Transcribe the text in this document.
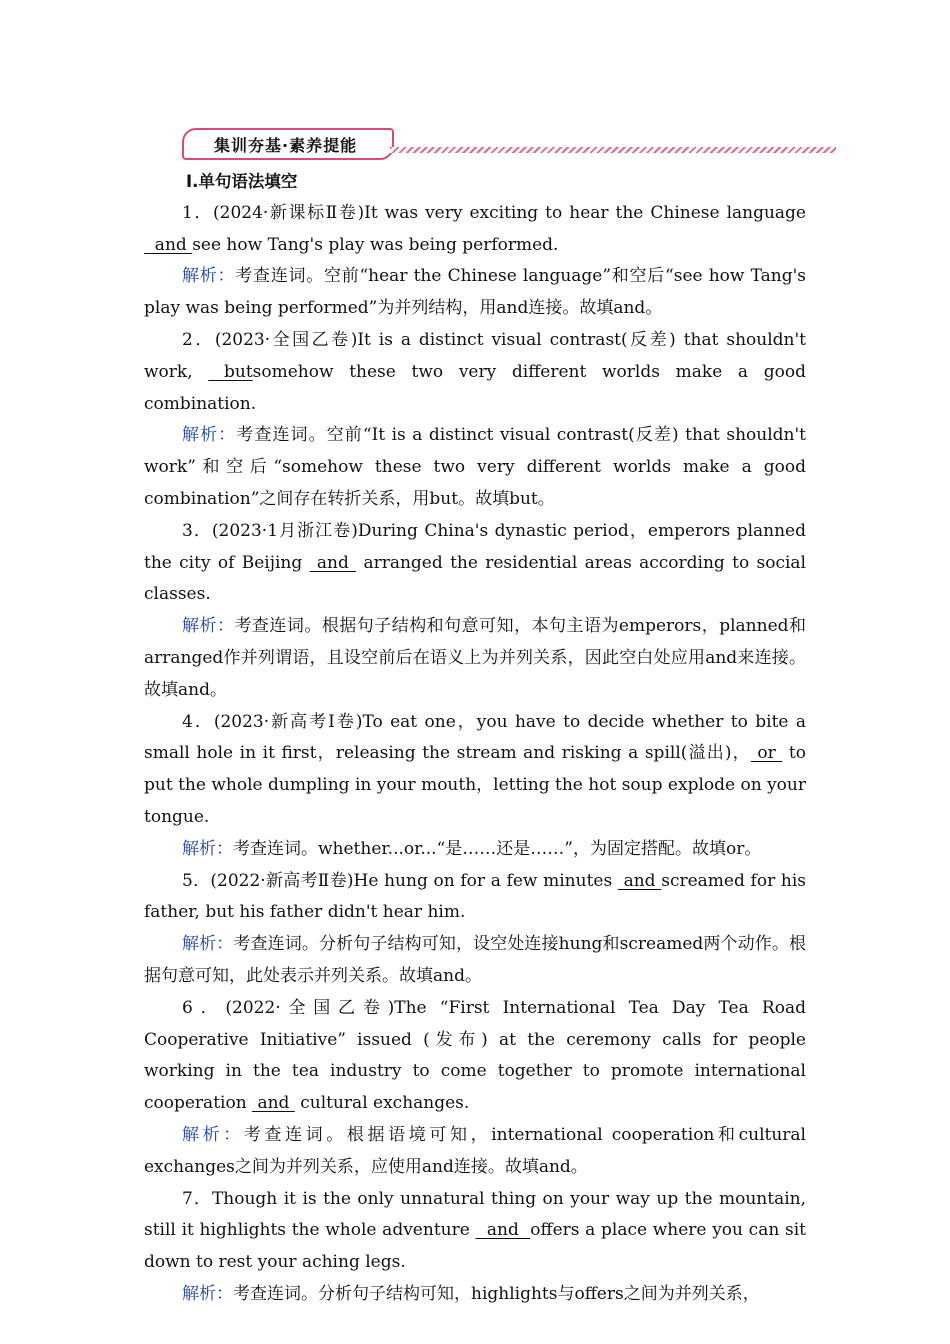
集训夯基·素养提能

Ⅰ.单句语法填空

1．(2024·新课标Ⅱ卷)It was very exciting to hear the Chinese language   and see how Tang's play was being performed.

解析：考查连词。空前“hear the Chinese language”和空后“see how Tang's play was being performed”为并列结构，用and连接。故填and。

2．(2023·全国乙卷)It is a distinct visual contrast(反差) that shouldn't work,  butsomehow these two very different worlds make a good combination.

解析：考查连词。空前“It is a distinct visual contrast(反差) that shouldn't work”和空后“somehow these two very different worlds make a good combination”之间存在转折关系，用but。故填but。

3．(2023·1月浙江卷)During China's dynastic period，emperors planned the city of Beijing  and  arranged the residential areas according to social classes.

解析：考查连词。根据句子结构和句意可知，本句主语为emperors，planned和arranged作并列谓语，且设空前后在语义上为并列关系，因此空白处应用and来连接。故填and。

4．(2023·新高考Ⅰ卷)To eat one，you have to decide whether to bite a small hole in it first，releasing the stream and risking a spill(溢出)， or  to put the whole dumpling in your mouth，letting the hot soup explode on your tongue.

解析：考查连词。whether...or...“是……还是……”，为固定搭配。故填or。

5．(2022·新高考Ⅱ卷)He hung on for a few minutes  and screamed for his father, but his father didn't hear him.

解析：考查连词。分析句子结构可知，设空处连接hung和screamed两个动作。根据句意可知，此处表示并列关系。故填and。

6．(2022·全国乙卷)The “First International Tea Day Tea Road Cooperative Initiative” issued (发布) at the ceremony calls for people working in the tea industry to come together to promote international cooperation  and  cultural exchanges.

解析：考查连词。根据语境可知，international cooperation和cultural exchanges之间为并列关系，应使用and连接。故填and。

7．Though it is the only unnatural thing on your way up the mountain, still it highlights the whole adventure   and  offers a place where you can sit down to rest your aching legs.

解析：考查连词。分析句子结构可知，highlights与offers之间为并列关系，
